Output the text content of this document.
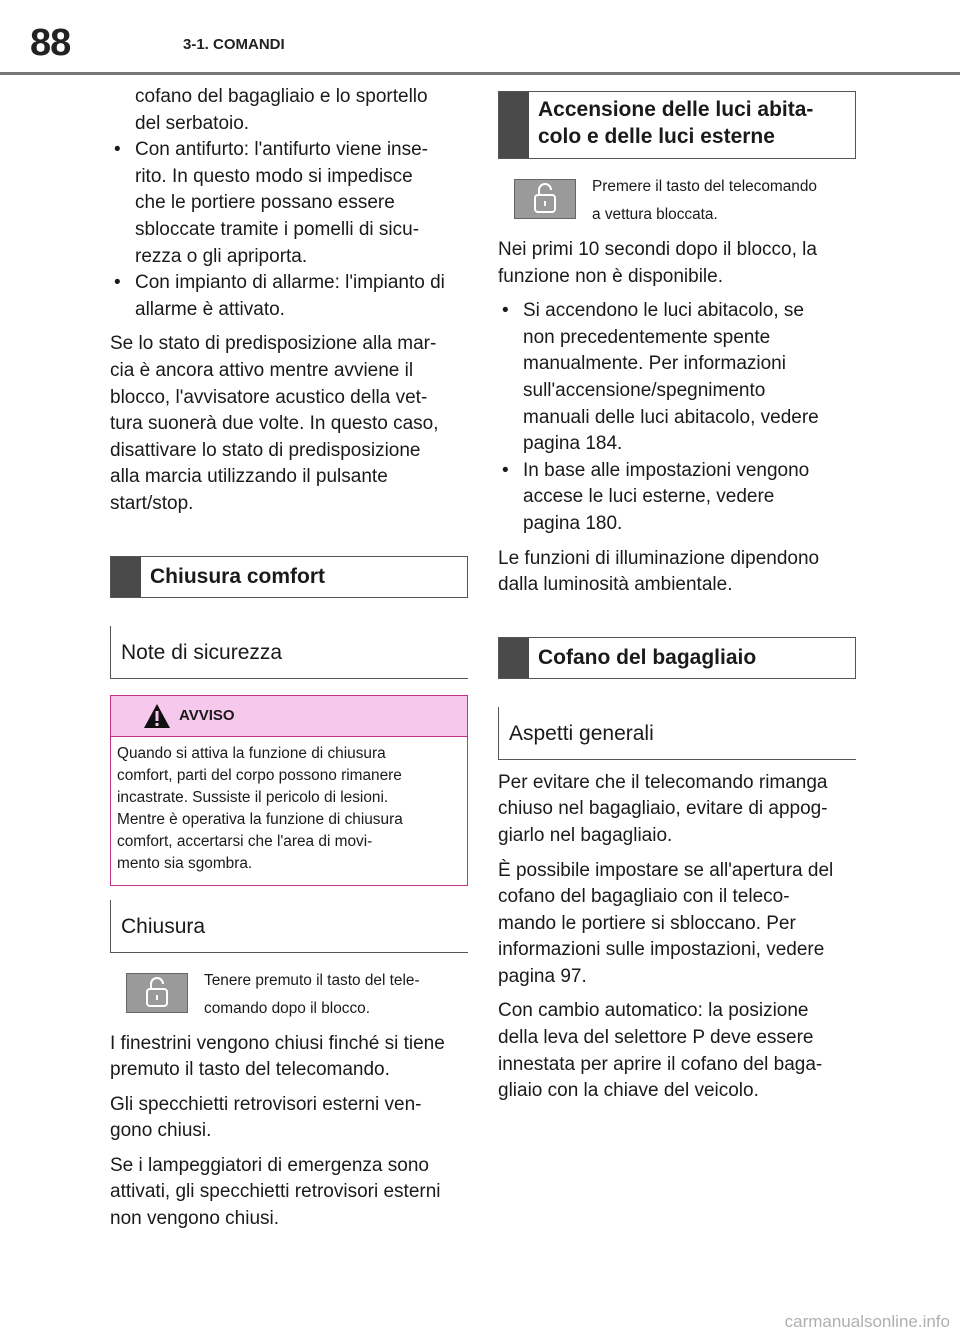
88	3-1. COMANDI
cofano del bagagliaio e lo sportello
del serbatoio.
• Con antifurto: l'antifurto viene inse-
rito. In questo modo si impedisce
che le portiere possano essere
sbloccate tramite i pomelli di sicu-
rezza o gli apriporta.
• Con impianto di allarme: l'impianto di
allarme è attivato.

Se lo stato di predisposizione alla mar-
cia è ancora attivo mentre avviene il
blocco, l'avvisatore acustico della vet-
tura suonerà due volte. In questo caso,
disattivare lo stato di predisposizione
alla marcia utilizzando il pulsante
start/stop.

Chiusura comfort
Note di sicurezza
AVVISO
Quando si attiva la funzione di chiusura
comfort, parti del corpo possono rimanere
incastrate. Sussiste il pericolo di lesioni.
Mentre è operativa la funzione di chiusura
comfort, accertarsi che l'area di movi-
mento sia sgombra.
Chiusura
Tenere premuto il tasto del tele-
comando dopo il blocco.

I finestrini vengono chiusi finché si tiene
premuto il tasto del telecomando.

Gli specchietti retrovisori esterni ven-
gono chiusi.

Se i lampeggiatori di emergenza sono
attivati, gli specchietti retrovisori esterni
non vengono chiusi.

Accensione delle luci abita-
colo e delle luci esterne
Premere il tasto del telecomando
a vettura bloccata.

Nei primi 10 secondi dopo il blocco, la
funzione non è disponibile.

• Si accendono le luci abitacolo, se
non precedentemente spente
manualmente. Per informazioni
sull'accensione/spegnimento
manuali delle luci abitacolo, vedere
pagina 184.
• In base alle impostazioni vengono
accese le luci esterne, vedere
pagina 180.

Le funzioni di illuminazione dipendono
dalla luminosità ambientale.

Cofano del bagagliaio
Aspetti generali

Per evitare che il telecomando rimanga
chiuso nel bagagliaio, evitare di appog-
giarlo nel bagagliaio.

È possibile impostare se all'apertura del
cofano del bagagliaio con il teleco-
mando le portiere si sbloccano. Per
informazioni sulle impostazioni, vedere
pagina 97.

Con cambio automatico: la posizione
della leva del selettore P deve essere
innestata per aprire il cofano del baga-
gliaio con la chiave del veicolo.

carmanualsonline.info
